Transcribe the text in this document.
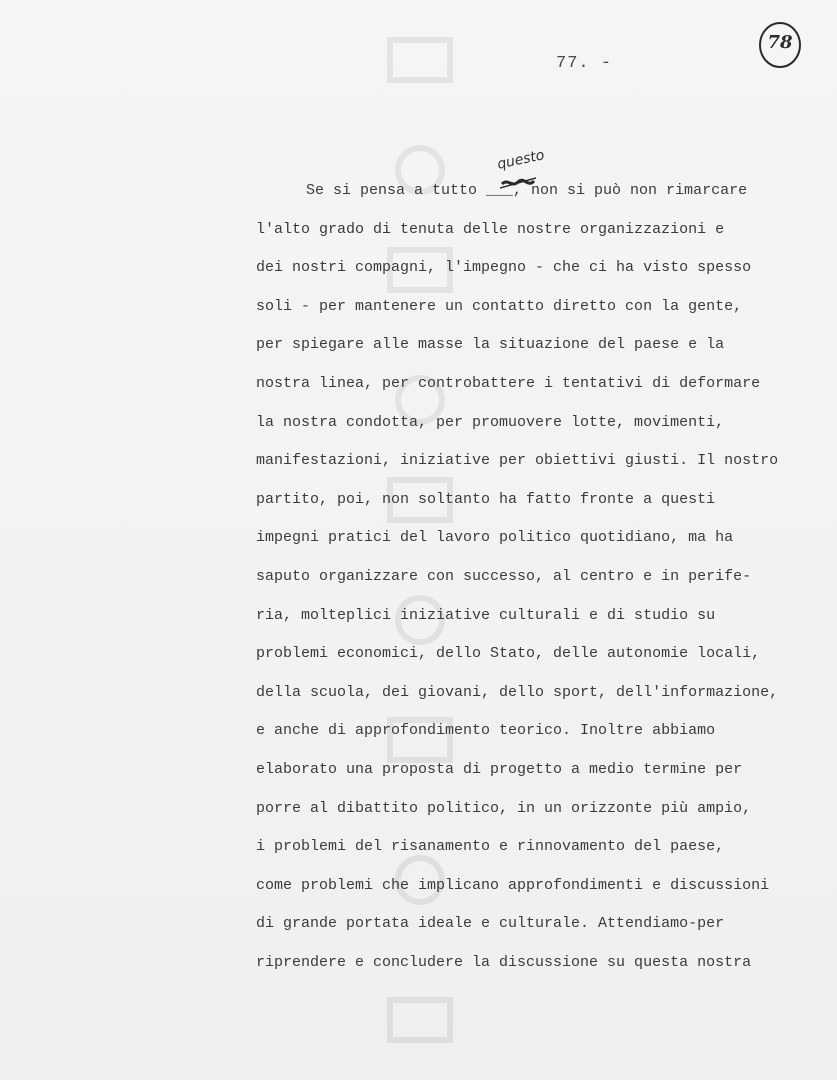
77. -
78
questo
Se si pensa a tutto ___, non si può non rimarcare
l'alto grado di tenuta delle nostre organizzazioni e
dei nostri compagni, l'impegno - che ci ha visto spesso
soli - per mantenere un contatto diretto con la gente,
per spiegare alle masse la situazione del paese e la
nostra linea, per controbattere i tentativi di deformare
la nostra condotta, per promuovere lotte, movimenti,
manifestazioni, iniziative per obiettivi giusti. Il nostro
partito, poi, non soltanto ha fatto fronte a questi
impegni pratici del lavoro politico quotidiano, ma ha
saputo organizzare con successo, al centro e in perife-
ria, molteplici iniziative culturali e di studio su
problemi economici, dello Stato, delle autonomie locali,
della scuola, dei giovani, dello sport, dell'informazione,
e anche di approfondimento teorico. Inoltre abbiamo
elaborato una proposta di progetto a medio termine per
porre al dibattito politico, in un orizzonte più ampio,
i problemi del risanamento e rinnovamento del paese,
come problemi che implicano approfondimenti e discussioni
di grande portata ideale e culturale. Attendiamo-per
riprendere e concludere la discussione su questa nostra
